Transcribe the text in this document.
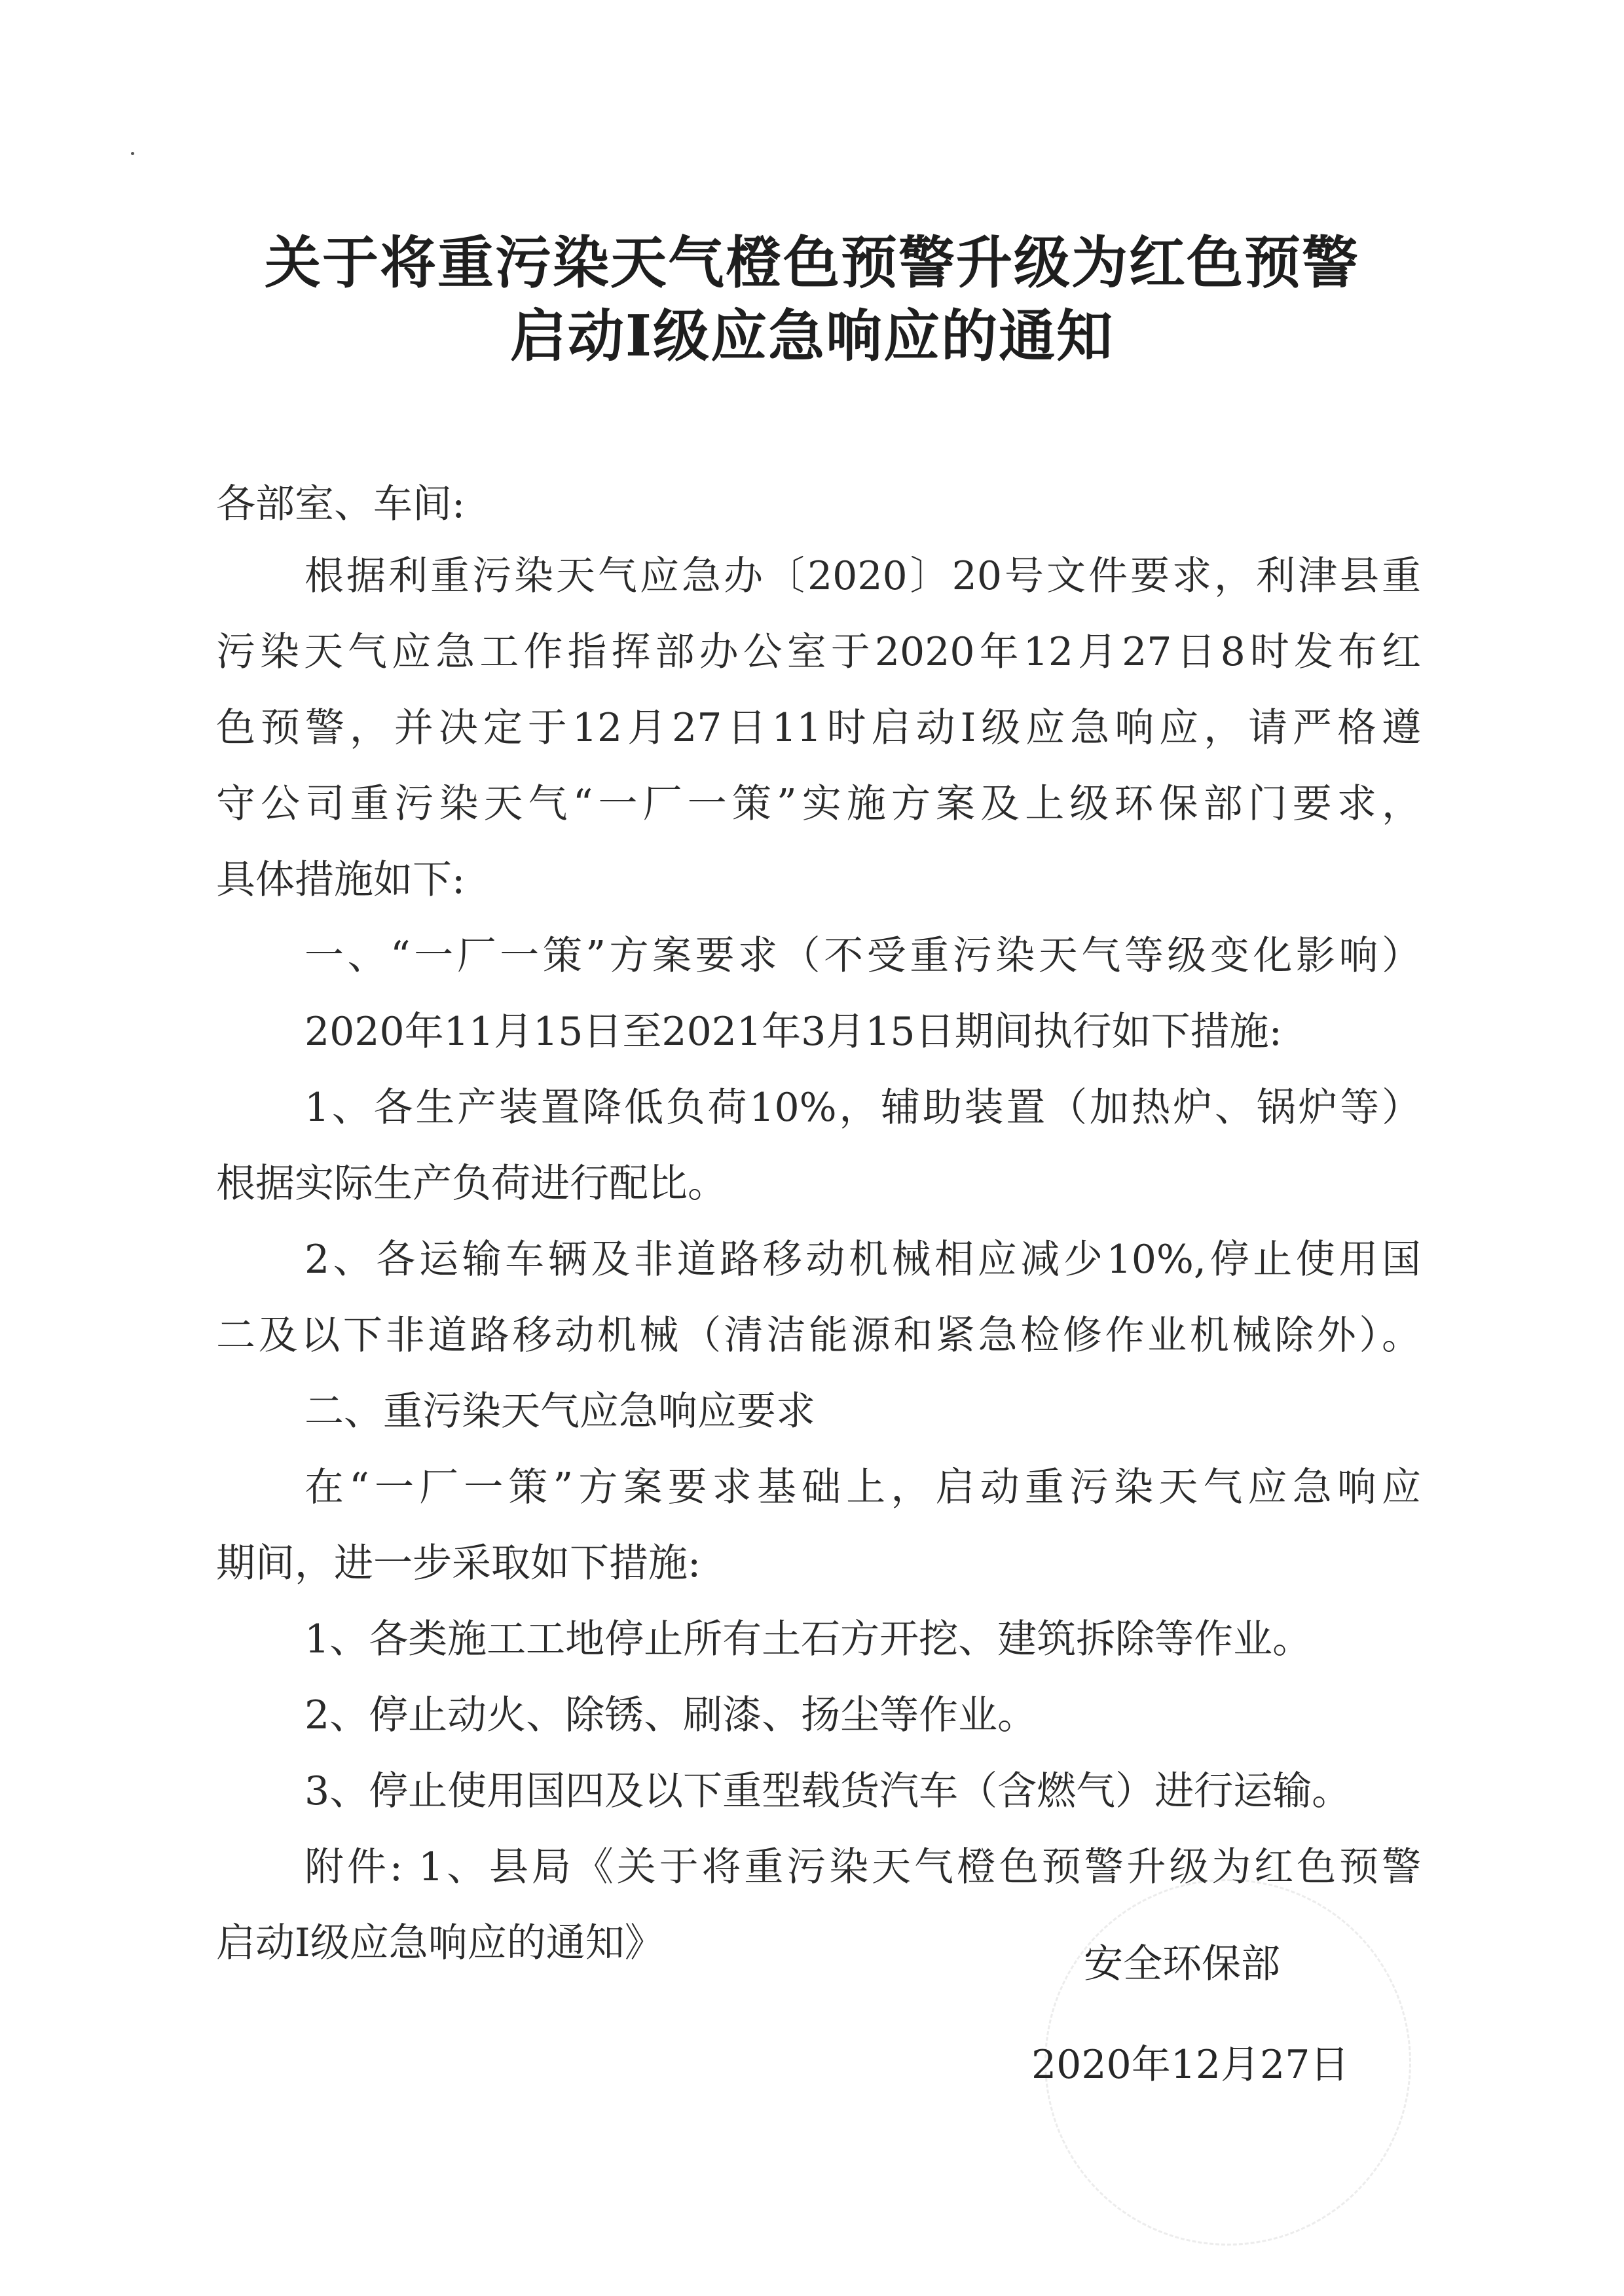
关于将重污染天气橙色预警升级为红色预警
启动Ⅰ级应急响应的通知
各部室、车间:
根据利重污染天气应急办〔2020〕20号文件要求，利津县重
污染天气应急工作指挥部办公室于2020年12月27日8时发布红
色预警，并决定于12月27日11时启动Ⅰ级应急响应，请严格遵
守公司重污染天气“一厂一策”实施方案及上级环保部门要求，
具体措施如下:
一、“一厂一策”方案要求（不受重污染天气等级变化影响）
2020年11月15日至2021年3月15日期间执行如下措施:
1、各生产装置降低负荷10%，辅助装置（加热炉、锅炉等）
根据实际生产负荷进行配比。
2、各运输车辆及非道路移动机械相应减少10%,停止使用国
二及以下非道路移动机械（清洁能源和紧急检修作业机械除外）。
二、重污染天气应急响应要求
在“一厂一策”方案要求基础上，启动重污染天气应急响应
期间，进一步采取如下措施:
1、各类施工工地停止所有土石方开挖、建筑拆除等作业。
2、停止动火、除锈、刷漆、扬尘等作业。
3、停止使用国四及以下重型载货汽车（含燃气）进行运输。
附件: 1、县局《关于将重污染天气橙色预警升级为红色预警
启动Ⅰ级应急响应的通知》	安全环保部
2020年12月27日
